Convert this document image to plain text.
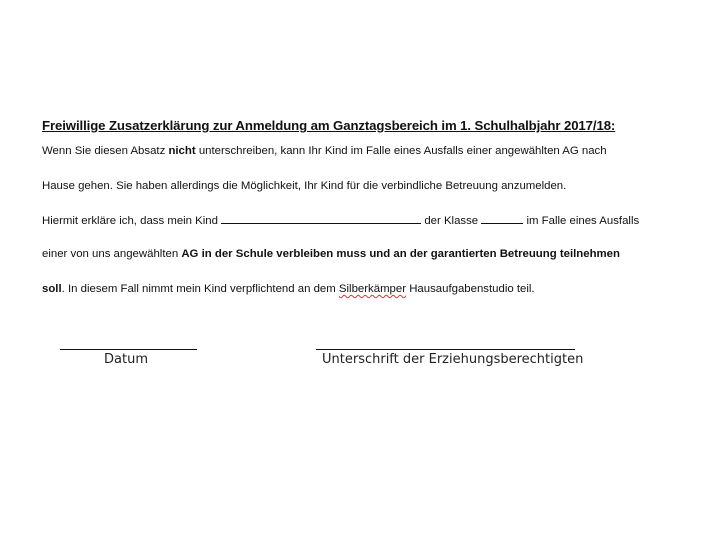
Freiwillige Zusatzerklärung zur Anmeldung am Ganztagsbereich im 1. Schulhalbjahr 2017/18:
Wenn Sie diesen Absatz nicht unterschreiben, kann Ihr Kind im Falle eines Ausfalls einer angewählten AG nach
Hause gehen. Sie haben allerdings die Möglichkeit, Ihr Kind für die verbindliche Betreuung anzumelden.
Hiermit erkläre ich, dass mein Kind	der Klasse	im Falle eines Ausfalls
einer von uns angewählten AG in der Schule verbleiben muss und an der garantierten Betreuung teilnehmen
soll. In diesem Fall nimmt mein Kind verpflichtend an dem Silberkämper Hausaufgabenstudio teil.
Datum	Unterschrift der Erziehungsberechtigten
